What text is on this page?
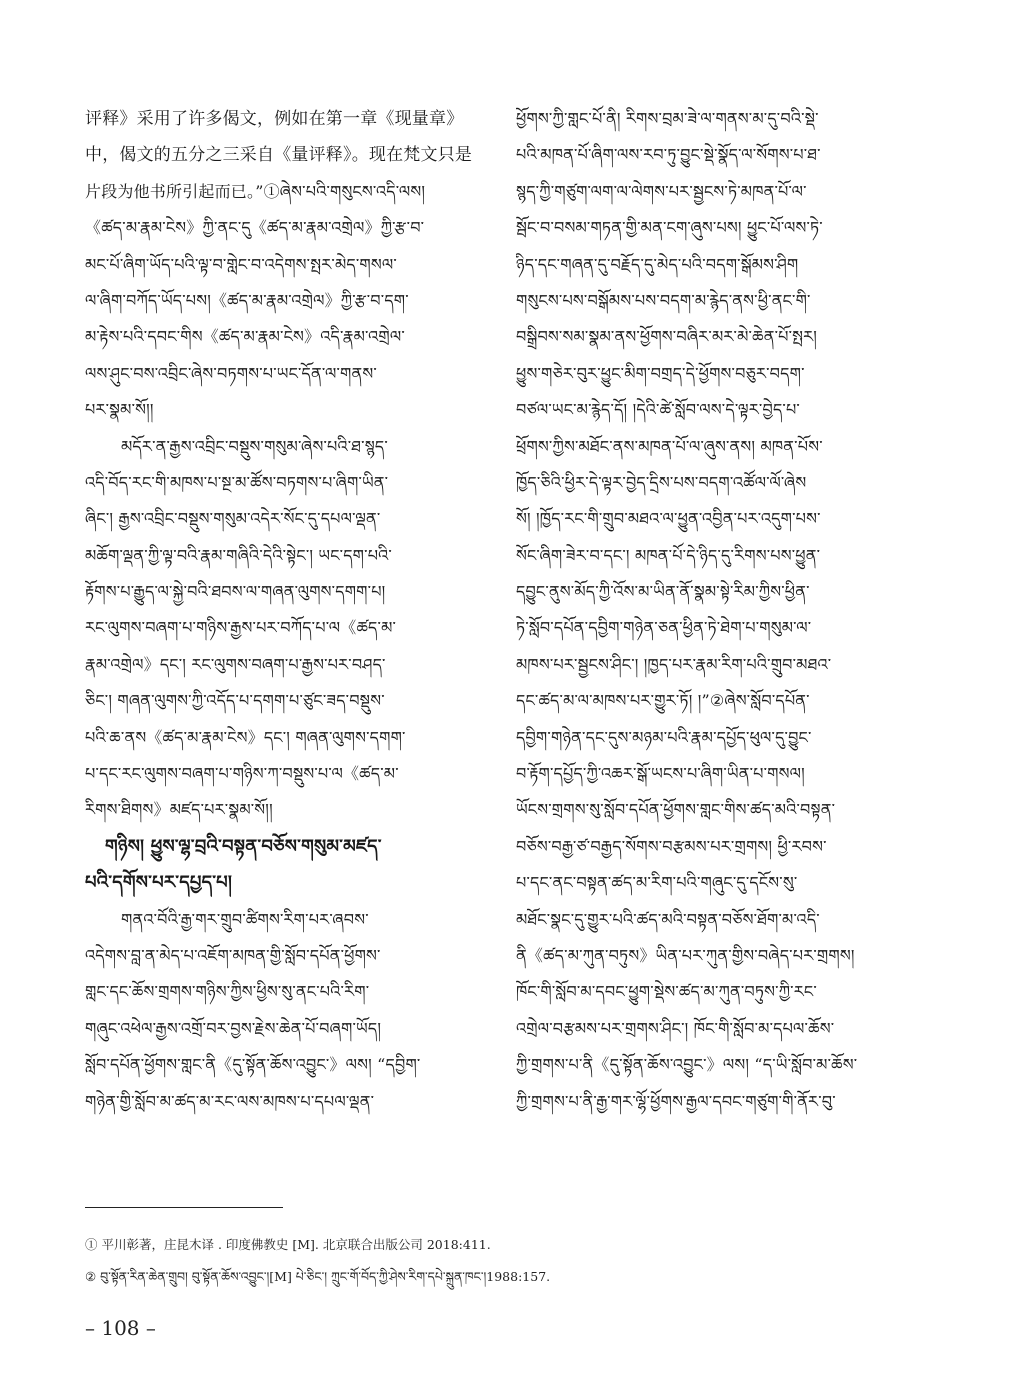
评释》采用了许多偈文，例如在第一章《现量章》
中，偈文的五分之三采自《量评释》。现在梵文只是
片段为他书所引起而已。”①ཞེས་པའི་གསུངས་འདི་ལས།
《ཚད་མ་རྣམ་ངེས》ཀྱི་ནང་དུ《ཚད་མ་རྣམ་འགྲེལ》ཀྱི་རྩ་བ་
མང་པོ་ཞིག་ཡོད་པའི་ལྟ་བ་གླེང་བ་འདེགས་སྤར་མེད་གསལ་
ལ་ཞིག་བཀོད་ཡོད་པས།《ཚད་མ་རྣམ་འགྲེལ》ཀྱི་རྩ་བ་དག་
མ་རྟེས་པའི་དབང་གིས《ཚད་མ་རྣམ་ངེས》འདི་རྣམ་འགྲེལ་
ལས་ཤུང་བས་འབྲིང་ཞེས་བཏགས་པ་ཡང་དོན་ལ་གནས་
པར་སྣམ་སོ།།
མདོར་ན་རྒྱས་འབྲིང་བསྡུས་གསུམ་ཞེས་པའི་ཐ་སྙད་
འདི་བོད་རང་གི་མཁས་པ་སྔ་མ་ཚོས་བཏགས་པ་ཞིག་ཡིན་
ཞིང་། རྒྱས་འབྲིང་བསྡུས་གསུམ་འདེར་སོང་དུ་དཔལ་ལྡན་
མཆོག་ལྡན་ཀྱི་ལྟ་བའི་རྣམ་གཞིའི་དེའི་སྟེང་། ཡང་དག་པའི་
རྟོགས་པ་རྒྱུད་ལ་སྐྱེ་བའི་ཐབས་ལ་གཞན་ལུགས་དགག་པ།
རང་ལུགས་བཞག་པ་གཉིས་རྒྱས་པར་བཀོད་པ་ལ《ཚད་མ་
རྣམ་འགྲེལ》དང་། རང་ལུགས་བཞག་པ་རྒྱས་པར་བཤད་
ཅིང་། གཞན་ལུགས་ཀྱི་འདོད་པ་དགག་པ་ཙུང་ཟད་བསྡུས་
པའི་ཆ་ནས《ཚད་མ་རྣམ་ངེས》དང་། གཞན་ལུགས་དགག་
པ་དང་རང་ལུགས་བཞག་པ་གཉིས་ཀ་བསྡུས་པ་ལ《ཚད་མ་
རིགས་ཐིགས》མཛད་པར་སྣམ་སོ།།
གཉིས། ཕྱུས་ལྷ་བྲའི་བསྟན་བཅོས་གསུམ་མཛད་
པའི་དགོས་པར་དཔྱད་པ།
གནའ་བོའི་རྒྱ་གར་གྲུབ་ཚིགས་རིག་པར་ཞབས་
འདེགས་བླ་ན་མེད་པ་འཇོག་མཁན་གྱི་སློབ་དཔོན་ཕྱོགས་
གླང་དང་ཆོས་གྲགས་གཉིས་ཀྱིས་ཕྱིས་སུ་ནང་པའི་རིག་
གཞུང་འཕེལ་རྒྱས་འགྲོ་བར་བྱས་རྗེས་ཆེན་པོ་བཞག་ཡོད།
སློབ་དཔོན་ཕྱོགས་གླང་ནི《དུ་སྟོན་ཆོས་འབྱུང་》ལས། “དབྱིག་
གཉེན་གྱི་སློབ་མ་ཚད་མ་རང་ལས་མཁས་པ་དཔལ་ལྡན་
ཕྱོགས་ཀྱི་གླང་པོ་ནི། རིགས་བྲམ་ཟེ་ལ་གནས་མ་དུ་བའི་སྡེ་
པའི་མཁན་པོ་ཞིག་ལས་རབ་ཏུ་བྱུང་སྡེ་སྣོད་ལ་སོགས་པ་ཐ་
སྙད་ཀྱི་གཙུག་ལག་ལ་ལེགས་པར་སྦྱངས་ཏེ་མཁན་པོ་ལ་
སྦོང་བ་བསམ་གཏན་གྱི་མན་ངག་ཞུས་པས། ཕྱུང་པོ་ལས་ཏེ་
ཉིད་དང་གཞན་དུ་བརྗོད་དུ་མེད་པའི་བདག་སྒོམས་ཤིག
གསུངས་པས་བསྒོམས་པས་བདག་མ་རྙེད་ནས་ཕྱི་ནང་གི་
བསྒྲིབས་སམ་སྣམ་ནས་ཕྱོགས་བཞིར་མར་མེ་ཆེན་པོ་སྤར།
ཕྱུས་གཅེར་བུར་ཕྱུང་མིག་བགྲད་དེ་ཕྱོགས་བཅུར་བདག་
བཙལ་ཡང་མ་རྙེད་དོ། །དེའི་ཚེ་སློབ་ལས་དེ་ལྟར་བྱེད་པ་
ཕྲོགས་ཀྱིས་མཐོང་ནས་མཁན་པོ་ལ་ཞུས་ནས། མཁན་པོས་
ཁྱོད་ཅིའི་ཕྱིར་དེ་ལྟར་བྱེད་དྲིས་པས་བདག་འཚོལ་ལོ་ཞེས
སོ། །ཁྱོད་རང་གི་གྲུབ་མཐའ་ལ་ཕྱུན་འབྱིན་པར་འདུག་པས་
སོང་ཞིག་ཟེར་བ་དང་། མཁན་པོ་དེ་ཉིད་དུ་རིགས་པས་ཕྱུན་
དབྱུང་ནུས་མོད་ཀྱི་འོས་མ་ཡིན་ནོ་སྣམ་སྟེ་རིམ་ཀྱིས་ཕྱིན་
ཏེ་སློབ་དཔོན་དབྱིག་གཉེན་ཅན་ཕྱིན་ཏེ་ཐེག་པ་གསུམ་ལ་
མཁས་པར་སྦྱངས་ཤིང་། །ཁྱད་པར་རྣམ་རིག་པའི་གྲུབ་མཐའ་
དང་ཚད་མ་ལ་མཁས་པར་གྱུར་ཏོ། །”②ཞེས་སློབ་དཔོན་
དབྱིག་གཉེན་དང་དུས་མཉམ་པའི་རྣམ་དཔྱོད་ཕུལ་དུ་བྱུང་
བ་རྟོག་དཔྱོད་ཀྱི་འཆར་སྒོ་ཡངས་པ་ཞིག་ཡིན་པ་གསལ།
ཡོངས་གྲགས་སུ་སློབ་དཔོན་ཕྱོགས་གླང་གིས་ཚད་མའི་བསྟན་
བཅོས་བརྒྱ་ཙ་བརྒྱད་སོགས་བརྩམས་པར་གྲགས། ཕྱི་རབས་
པ་དང་ནང་བསྟན་ཚད་མ་རིག་པའི་གཞུང་དུ་དངོས་སུ་
མཐོང་སྣང་དུ་གྱུར་པའི་ཚད་མའི་བསྟན་བཅོས་ཐོག་མ་འདི་
ནི《ཚད་མ་ཀུན་བཏུས》ཡིན་པར་ཀུན་གྱིས་བཞེད་པར་གྲགས།
ཁོང་གི་སློབ་མ་དབང་ཕྱུག་སྡེས་ཚད་མ་ཀུན་བཏུས་ཀྱི་རང་
འགྲེལ་བརྩམས་པར་གྲགས་ཤིང་། ཁོང་གི་སློབ་མ་དཔལ་ཆོས་
ཀྱི་གྲགས་པ་ནི《དུ་སྟོན་ཆོས་འབྱུང་》ལས། “ད་ཡི་སློབ་མ་ཆོས་
ཀྱི་གྲགས་པ་ནི་རྒྱ་གར་ལྷོ་ཕྱོགས་རྒྱལ་དབང་གཙུག་གི་ནོར་བུ་
① 平川彰著，庄昆木译 . 印度佛教史 [M]. 北京联合出版公司 2018:411.
② བུ་སྟོན་རིན་ཆེན་གྲུབ། བུ་སྟོན་ཆོས་འབྱུང་།[M] པེ་ཅིང་། ཀྲུང་གོ་བོད་ཀྱི་ཤེས་རིག་དཔེ་སྐྲུན་ཁང་།1988:157.
– 108 –
